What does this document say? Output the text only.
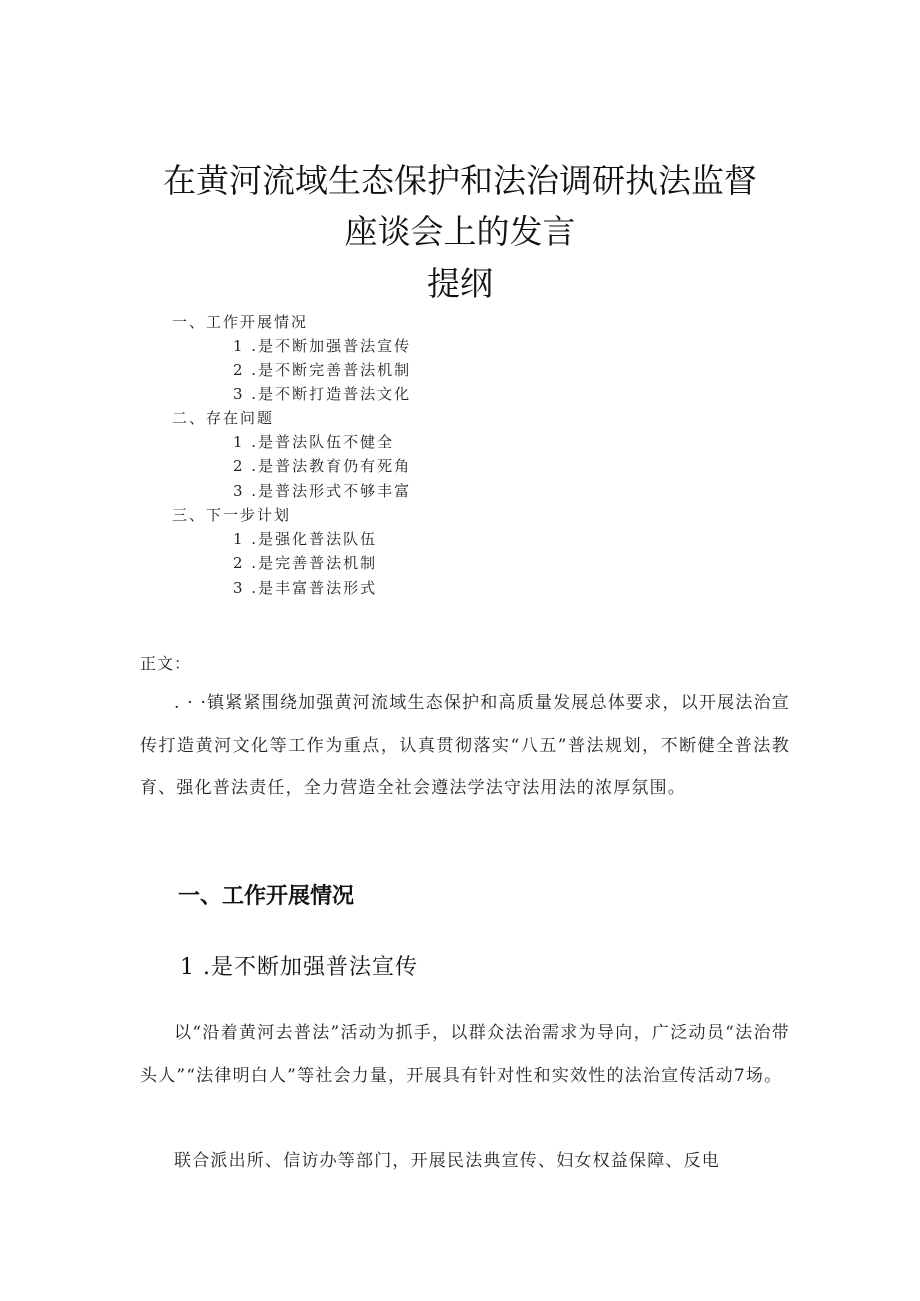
在黄河流域生态保护和法治调研执法监督
座谈会上的发言
提纲
一、工作开展情况
1 .是不断加强普法宣传
2 .是不断完善普法机制
3 .是不断打造普法文化
二、存在问题
1 .是普法队伍不健全
2 .是普法教育仍有死角
3 .是普法形式不够丰富
三、下一步计划
1 .是强化普法队伍
2 .是完善普法机制
3 .是丰富普法形式
正文：
. · ·镇紧紧围绕加强黄河流域生态保护和高质量发展总体要求，以开展法治宣传打造黄河文化等工作为重点，认真贯彻落实“八五”普法规划，不断健全普法教育、强化普法责任，全力营造全社会遵法学法守法用法的浓厚氛围。
一、工作开展情况
1 .是不断加强普法宣传
以“沿着黄河去普法”活动为抓手，以群众法治需求为导向，广泛动员“法治带头人”“法律明白人”等社会力量，开展具有针对性和实效性的法治宣传活动7场。
联合派出所、信访办等部门，开展民法典宣传、妇女权益保障、反电
